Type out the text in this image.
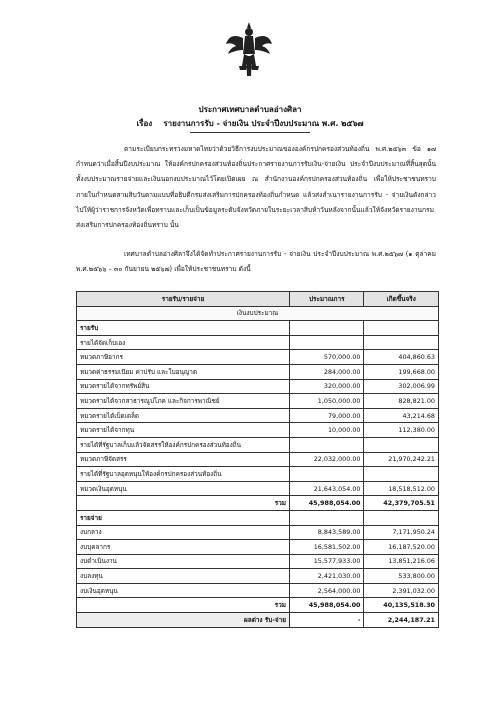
ประกาศเทศบาลตำบลอ่างศิลา
เรื่อง รายงานการรับ - จ่ายเงิน ประจำปีงบประมาณ พ.ศ. ๒๕๖๗
ตามระเบียบกระทรวงมหาดไทยว่าด้วยวิธีการงบประมาณขององค์กรปกครองส่วนท้องถิ่น พ.ศ.๒๕๖๓ ข้อ ๑๗ กำหนดว่าเมื่อสิ้นปีงบประมาณ ให้องค์กรปกครองส่วนท้องถิ่นประกาศรายงานการรับเงิน-จ่ายเงิน ประจำปีงบประมาณที่สิ้นสุดนั้น ทั้งงบประมาณรายจ่ายและเงินนอกงบประมาณไว้โดยเปิดเผย ณ สำนักงานองค์กรปกครองส่วนท้องถิ่น เพื่อให้ประชาชนทราบภายในกำหนดสามสิบวันตามแบบที่อธิบดีกรมส่งเสริมการปกครองท้องถิ่นกำหนด แล้วส่งสำเนารายงานการรับ - จ่ายเงินดังกล่าวไปให้ผู้ว่าราชการจังหวัดเพื่อทราบและเก็บเป็นข้อมูลระดับจังหวัดภายในระยะเวลาสิบห้าวันหลังจากนั้นแล้วให้จังหวัดรายงานกรมส่งเสริมการปกครองท้องถิ่นทราบ นั้น
เทศบาลตำบลอ่างศิลาจึงได้จัดทำประกาศรายงานการรับ - จ่ายเงิน ประจำปีงบประมาณ พ.ศ.๒๕๖๗ (๑ ตุลาคม พ.ศ.๒๕๖๖ – ๓๐ กันยายน ๒๕๖๗) เพื่อให้ประชาชนทราบ ดังนี้
รายรับ/รายจ่าย	ประมาณการ	เกิดขึ้นจริง
เงินงบประมาณ		
รายรับ		
รายได้จัดเก็บเอง		
หมวดภาษีอากร	570,000.00	404,860.63
หมวดค่าธรรมเนียม ค่าปรับ และใบอนุญาต	284,000.00	199,668.00
หมวดรายได้จากทรัพย์สิน	320,000.00	302,006.99
หมวดรายได้จากสาธารณูปโภค และกิจการพาณิชย์	1,050,000.00	828,821.00
หมวดรายได้เบ็ดเตล็ด	79,000.00	43,214.68
หมวดรายได้จากทุน	10,000.00	112,380.00
รายได้ที่รัฐบาลเก็บแล้วจัดสรรให้องค์กรปกครองส่วนท้องถิ่น		
หมวดภาษีจัดสรร	22,032,000.00	21,970,242.21
รายได้ที่รัฐบาลอุดหนุนให้องค์กรปกครองส่วนท้องถิ่น		
หมวดเงินอุดหนุน	21,643,054.00	18,518,512.00
รวม	45,988,054.00	42,379,705.51
รายจ่าย		
งบกลาง	8,843,589.00	7,171,950.24
งบบุคลากร	16,581,502.00	16,187,520.00
งบดำเนินงาน	15,577,933.00	13,851,216.06
งบลงทุน	2,421,030.00	533,800.00
งบเงินอุดหนุน	2,564,000.00	2,391,032.00
รวม	45,988,054.00	40,135,518.30
ผลต่าง รับ-จ่าย	-	2,244,187.21
